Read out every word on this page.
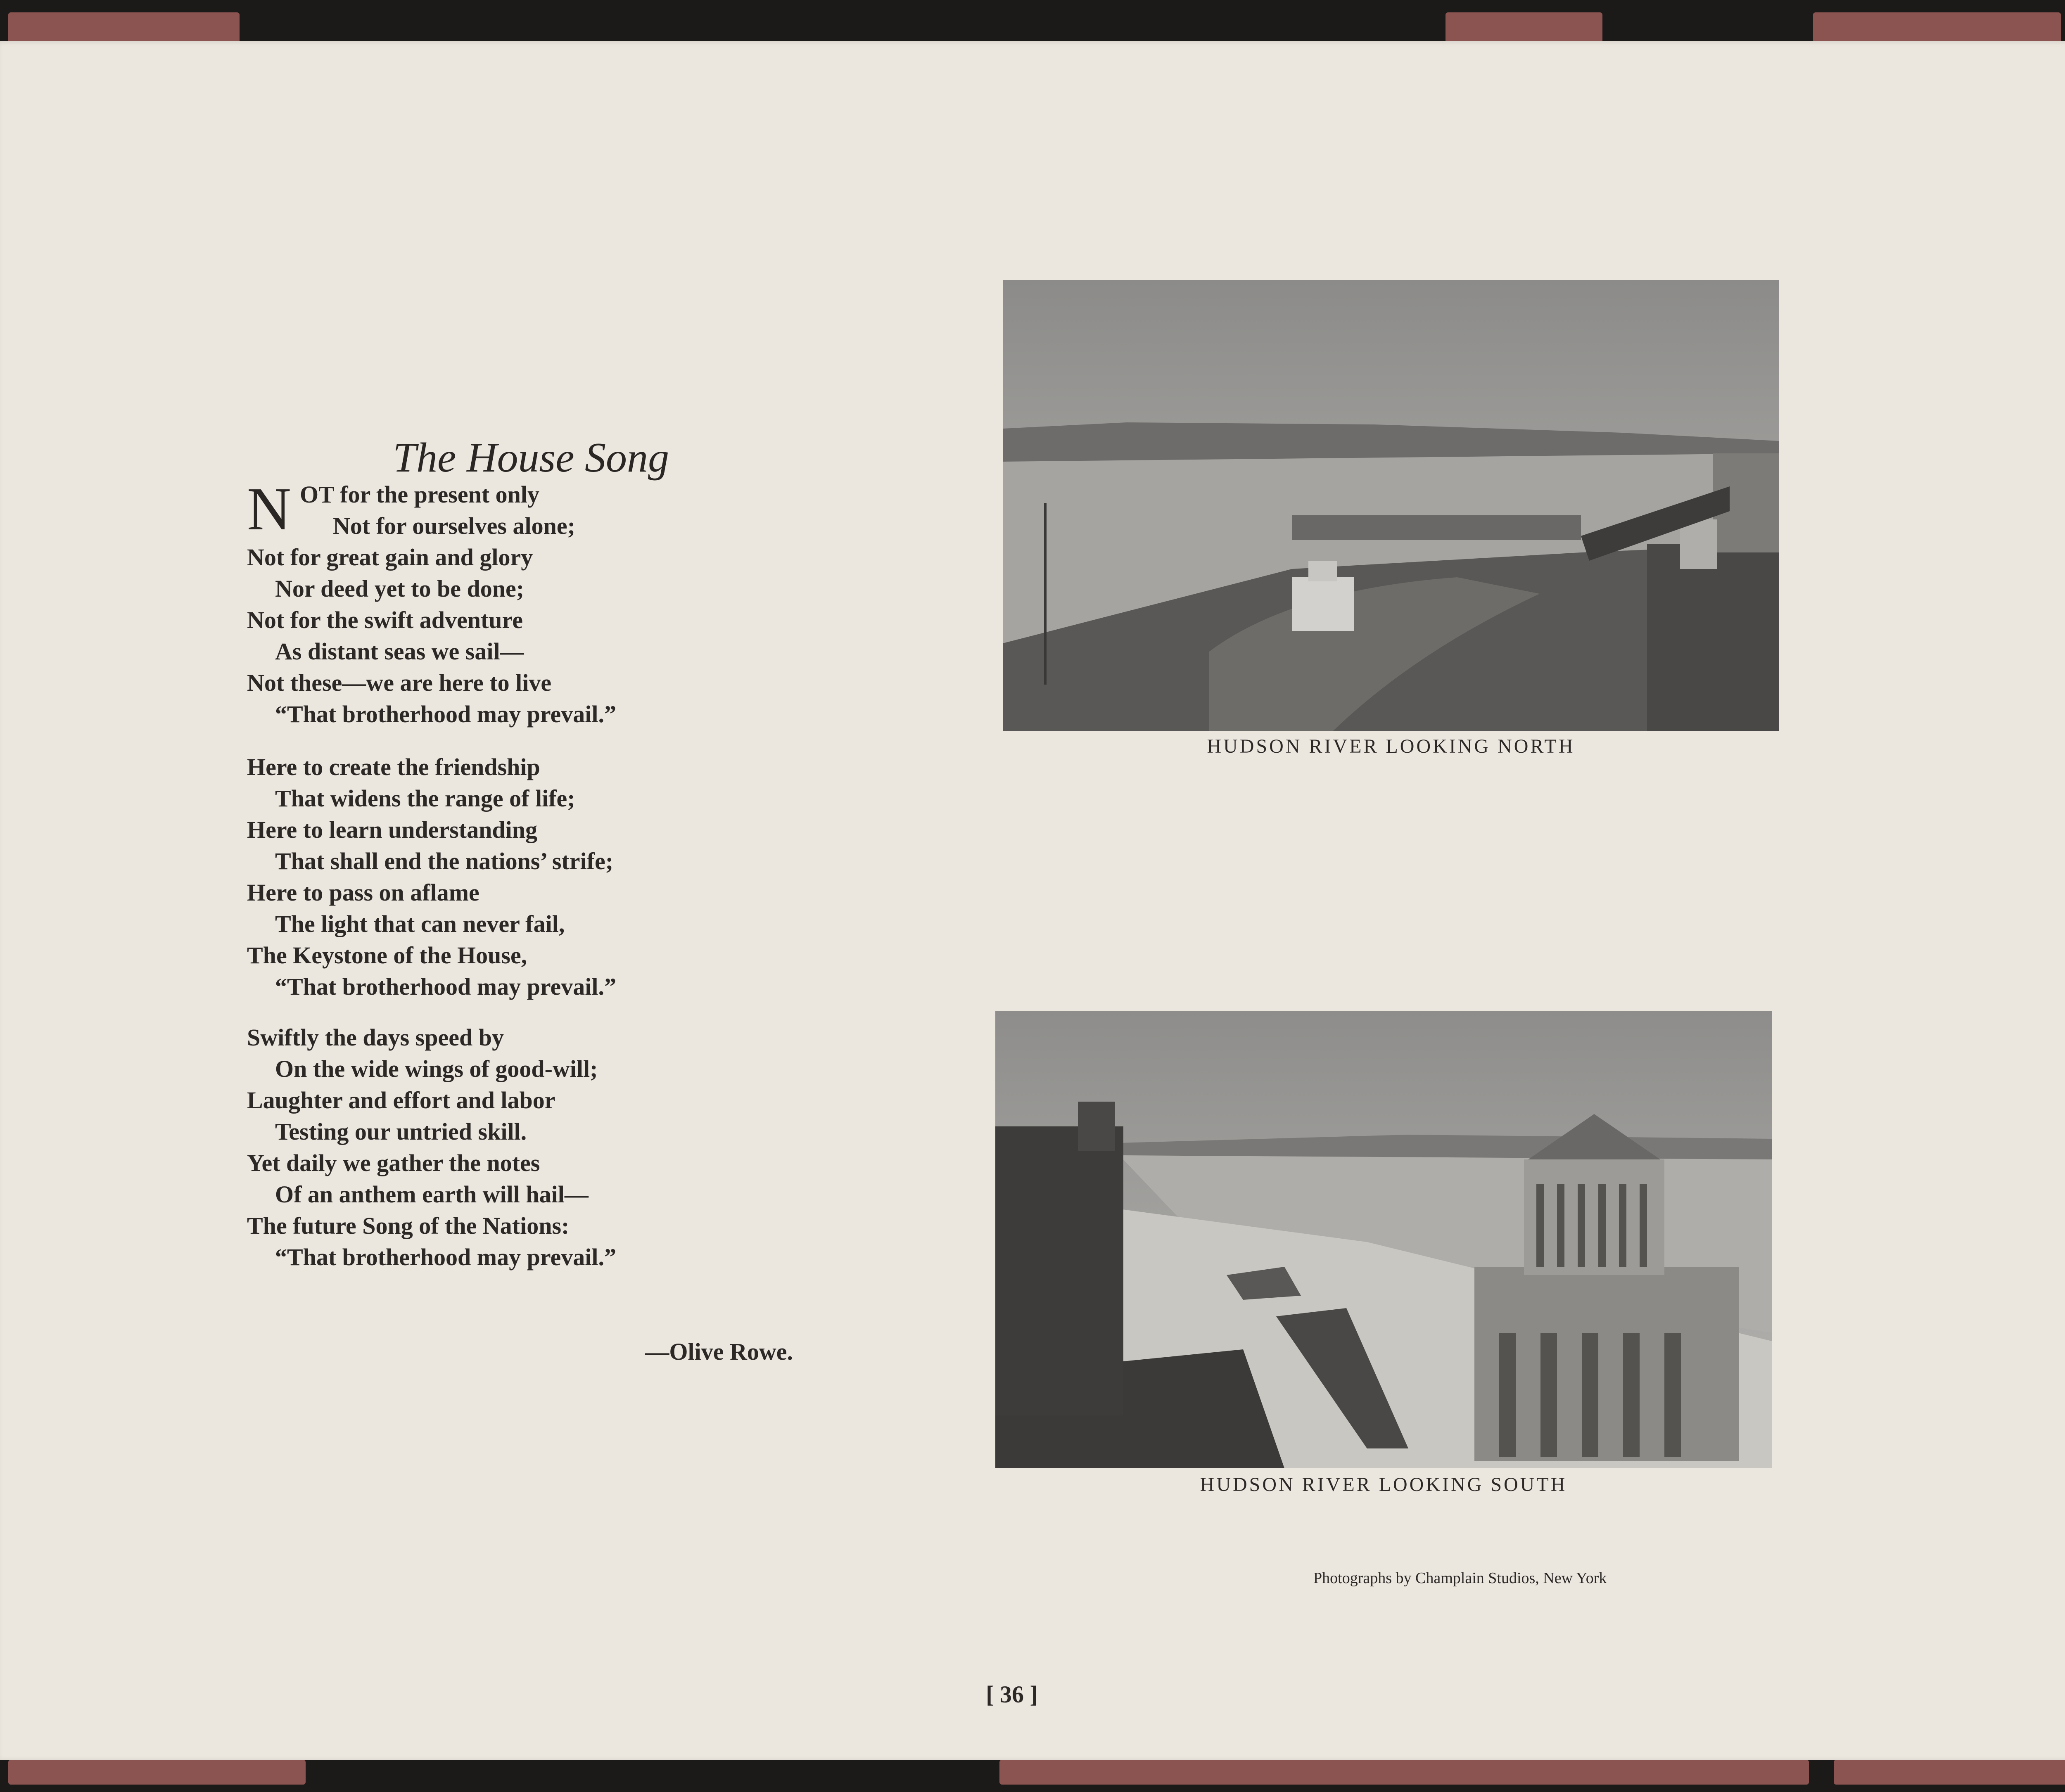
The House Song
N OT for the present only
Not for ourselves alone;
Not for great gain and glory
Nor deed yet to be done;
Not for the swift adventure
As distant seas we sail—
Not these—we are here to live
“That brotherhood may prevail.”
Here to create the friendship
That widens the range of life;
Here to learn understanding
That shall end the nations’ strife;
Here to pass on aflame
The light that can never fail,
The Keystone of the House,
“That brotherhood may prevail.”
Swiftly the days speed by
On the wide wings of good-will;
Laughter and effort and labor
Testing our untried skill.
Yet daily we gather the notes
Of an anthem earth will hail—
The future Song of the Nations:
“That brotherhood may prevail.”
—Olive Rowe.
HUDSON RIVER LOOKING NORTH
HUDSON RIVER LOOKING SOUTH
Photographs by Champlain Studios, New York
[ 36 ]
